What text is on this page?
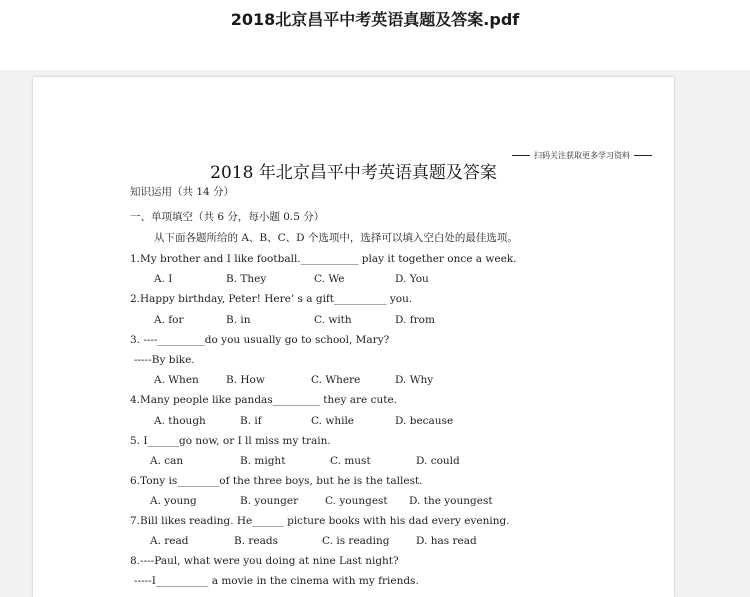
2018北京昌平中考英语真题及答案.pdf
扫码关注获取更多学习资料
2018 年北京昌平中考英语真题及答案
知识运用（共 14 分）
一、单项填空（共 6 分，每小题 0.5 分）
从下面各题所给的 A、B、C、D 个选项中，选择可以填入空白处的最佳选项。
1.My brother and I like football.___________ play it together once a week.
A. I	B. They	C. We	D. You
2.Happy birthday, Peter! Here’ s a gift__________ you.
A. for	B. in	C. with	D. from
3. ----_________do you usually go to school, Mary?
-----By bike.
A. When	B. How	C. Where	D. Why
4.Many people like pandas_________ they are cute.
A. though	B. if	C. while	D. because
5. I______go now, or I ll miss my train.
A. can	B. might	C. must	D. could
6.Tony is________of the three boys, but he is the tallest.
A. young	B. younger	C. youngest D. the youngest
7.Bill likes reading. He______ picture books with his dad every evening.
A. read	B. reads	C. is reading	D. has read
8.----Paul, what were you doing at nine Last night?
-----I__________ a movie in the cinema with my friends.
